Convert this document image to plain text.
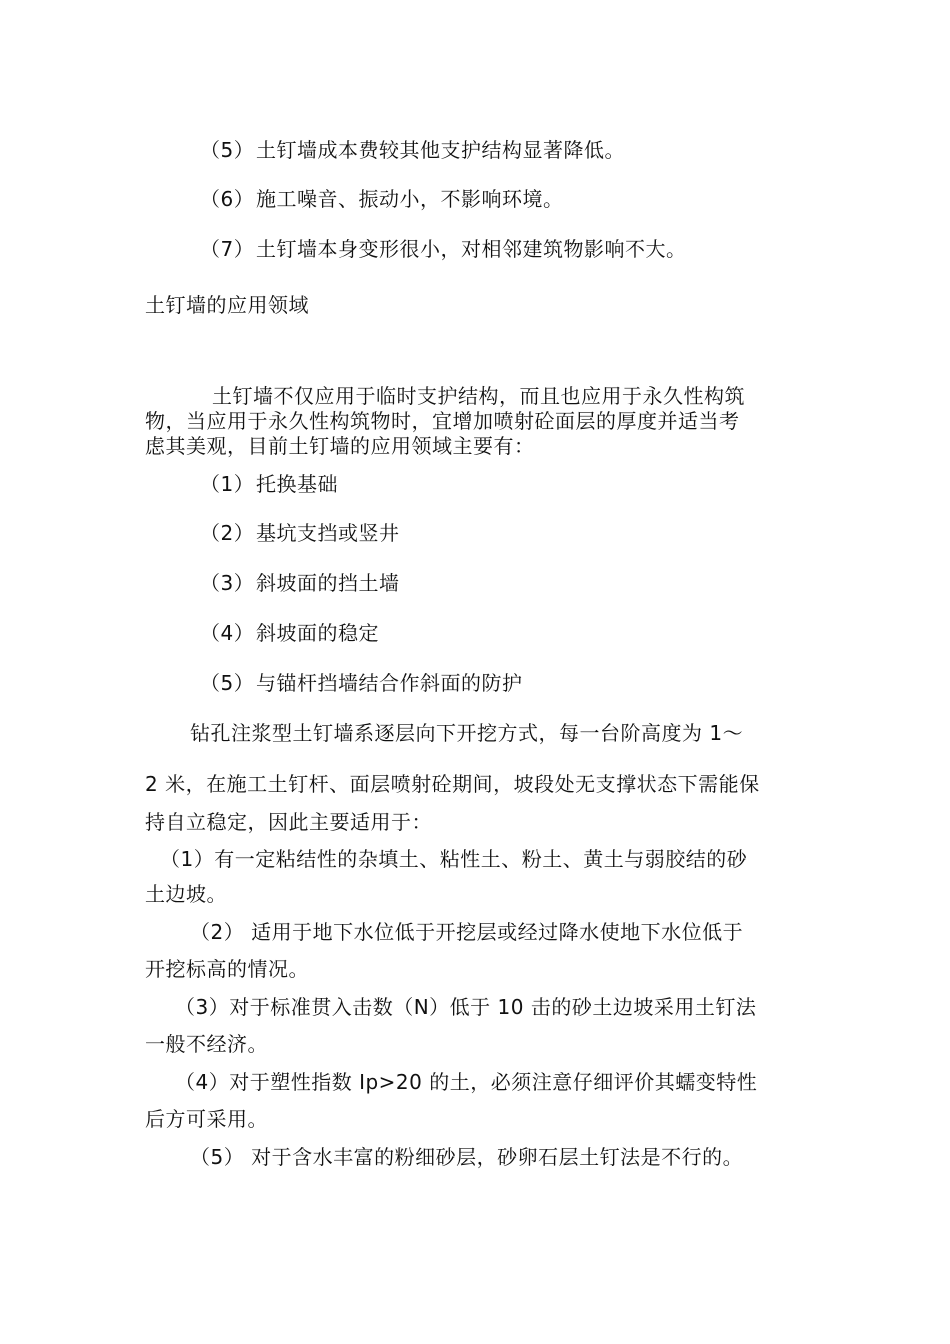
（5）土钉墙成本费较其他支护结构显著降低。
（6）施工噪音、振动小，不影响环境。
（7）土钉墙本身变形很小，对相邻建筑物影响不大。
土钉墙的应用领域
土钉墙不仅应用于临时支护结构，而且也应用于永久性构筑
物，当应用于永久性构筑物时，宜增加喷射砼面层的厚度并适当考
虑其美观，目前土钉墙的应用领域主要有：
（1）托换基础
（2）基坑支挡或竖井
（3）斜坡面的挡土墙
（4）斜坡面的稳定
（5）与锚杆挡墙结合作斜面的防护
钻孔注浆型土钉墙系逐层向下开挖方式，每一台阶高度为 1～
2 米，在施工土钉杆、面层喷射砼期间，坡段处无支撑状态下需能保
持自立稳定，因此主要适用于：
（1）有一定粘结性的杂填土、粘性土、粉土、黄土与弱胶结的砂
土边坡。
（2） 适用于地下水位低于开挖层或经过降水使地下水位低于
开挖标高的情况。
（3）对于标准贯入击数（N）低于 10 击的砂土边坡采用土钉法
一般不经济。
（4）对于塑性指数 Ip>20 的土，必须注意仔细评价其蠕变特性
后方可采用。
（5） 对于含水丰富的粉细砂层，砂卵石层土钉法是不行的。
